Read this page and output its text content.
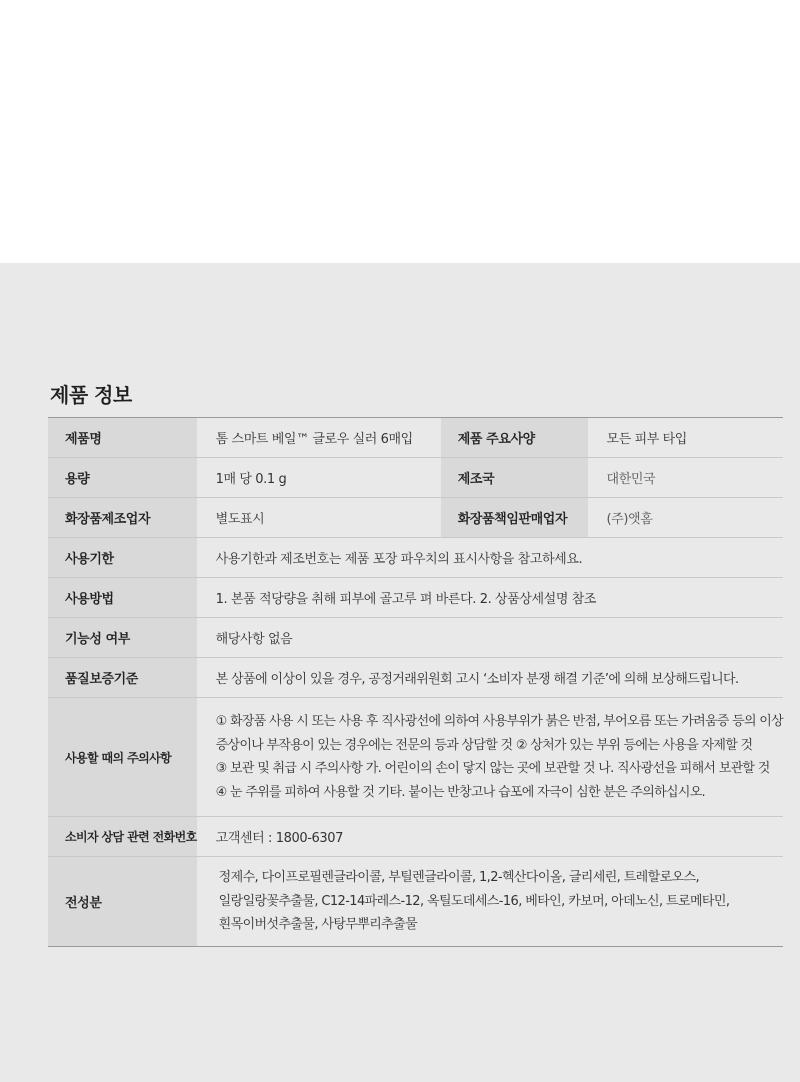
제품 정보
제품명	톰 스마트 베일™ 글로우 실러 6매입	제품 주요사양	모든 피부 타입
용량	1매 당 0.1 g	제조국	대한민국
화장품제조업자	별도표시	화장품책임판매업자	(주)앳홈
사용기한	사용기한과 제조번호는 제품 포장 파우치의 표시사항을 참고하세요.		
사용방법	1. 본품 적당량을 취해 피부에 골고루 펴 바른다. 2. 상품상세설명 참조		
기능성 여부	해당사항 없음		
품질보증기준	본 상품에 이상이 있을 경우, 공정거래위원회 고시 ‘소비자 분쟁 해결 기준’에 의해 보상해드립니다.		
사용할 때의 주의사항	① 화장품 사용 시 또는 사용 후 직사광선에 의하여 사용부위가 붉은 반점, 부어오름 또는 가려움증 등의 이상
증상이나 부작용이 있는 경우에는 전문의 등과 상담할 것 ② 상처가 있는 부위 등에는 사용을 자제할 것
③ 보관 및 취급 시 주의사항 가. 어린이의 손이 닿지 않는 곳에 보관할 것 나. 직사광선을 피해서 보관할 것
④ 눈 주위를 피하여 사용할 것 기타. 붙이는 반창고나 습포에 자극이 심한 분은 주의하십시오.		

소비자 상담 관련 전화번호	고객센터 : 1800-6307		
전성분	정제수, 다이프로필렌글라이콜, 부틸렌글라이콜, 1,2-헥산다이올, 글리세린, 트레할로오스,
일랑일랑꽃추출물, C12-14파레스-12, 옥틸도데세스-16, 베타인, 카보머, 아데노신, 트로메타민,
흰목이버섯추출물, 사탕무뿌리추출물		
